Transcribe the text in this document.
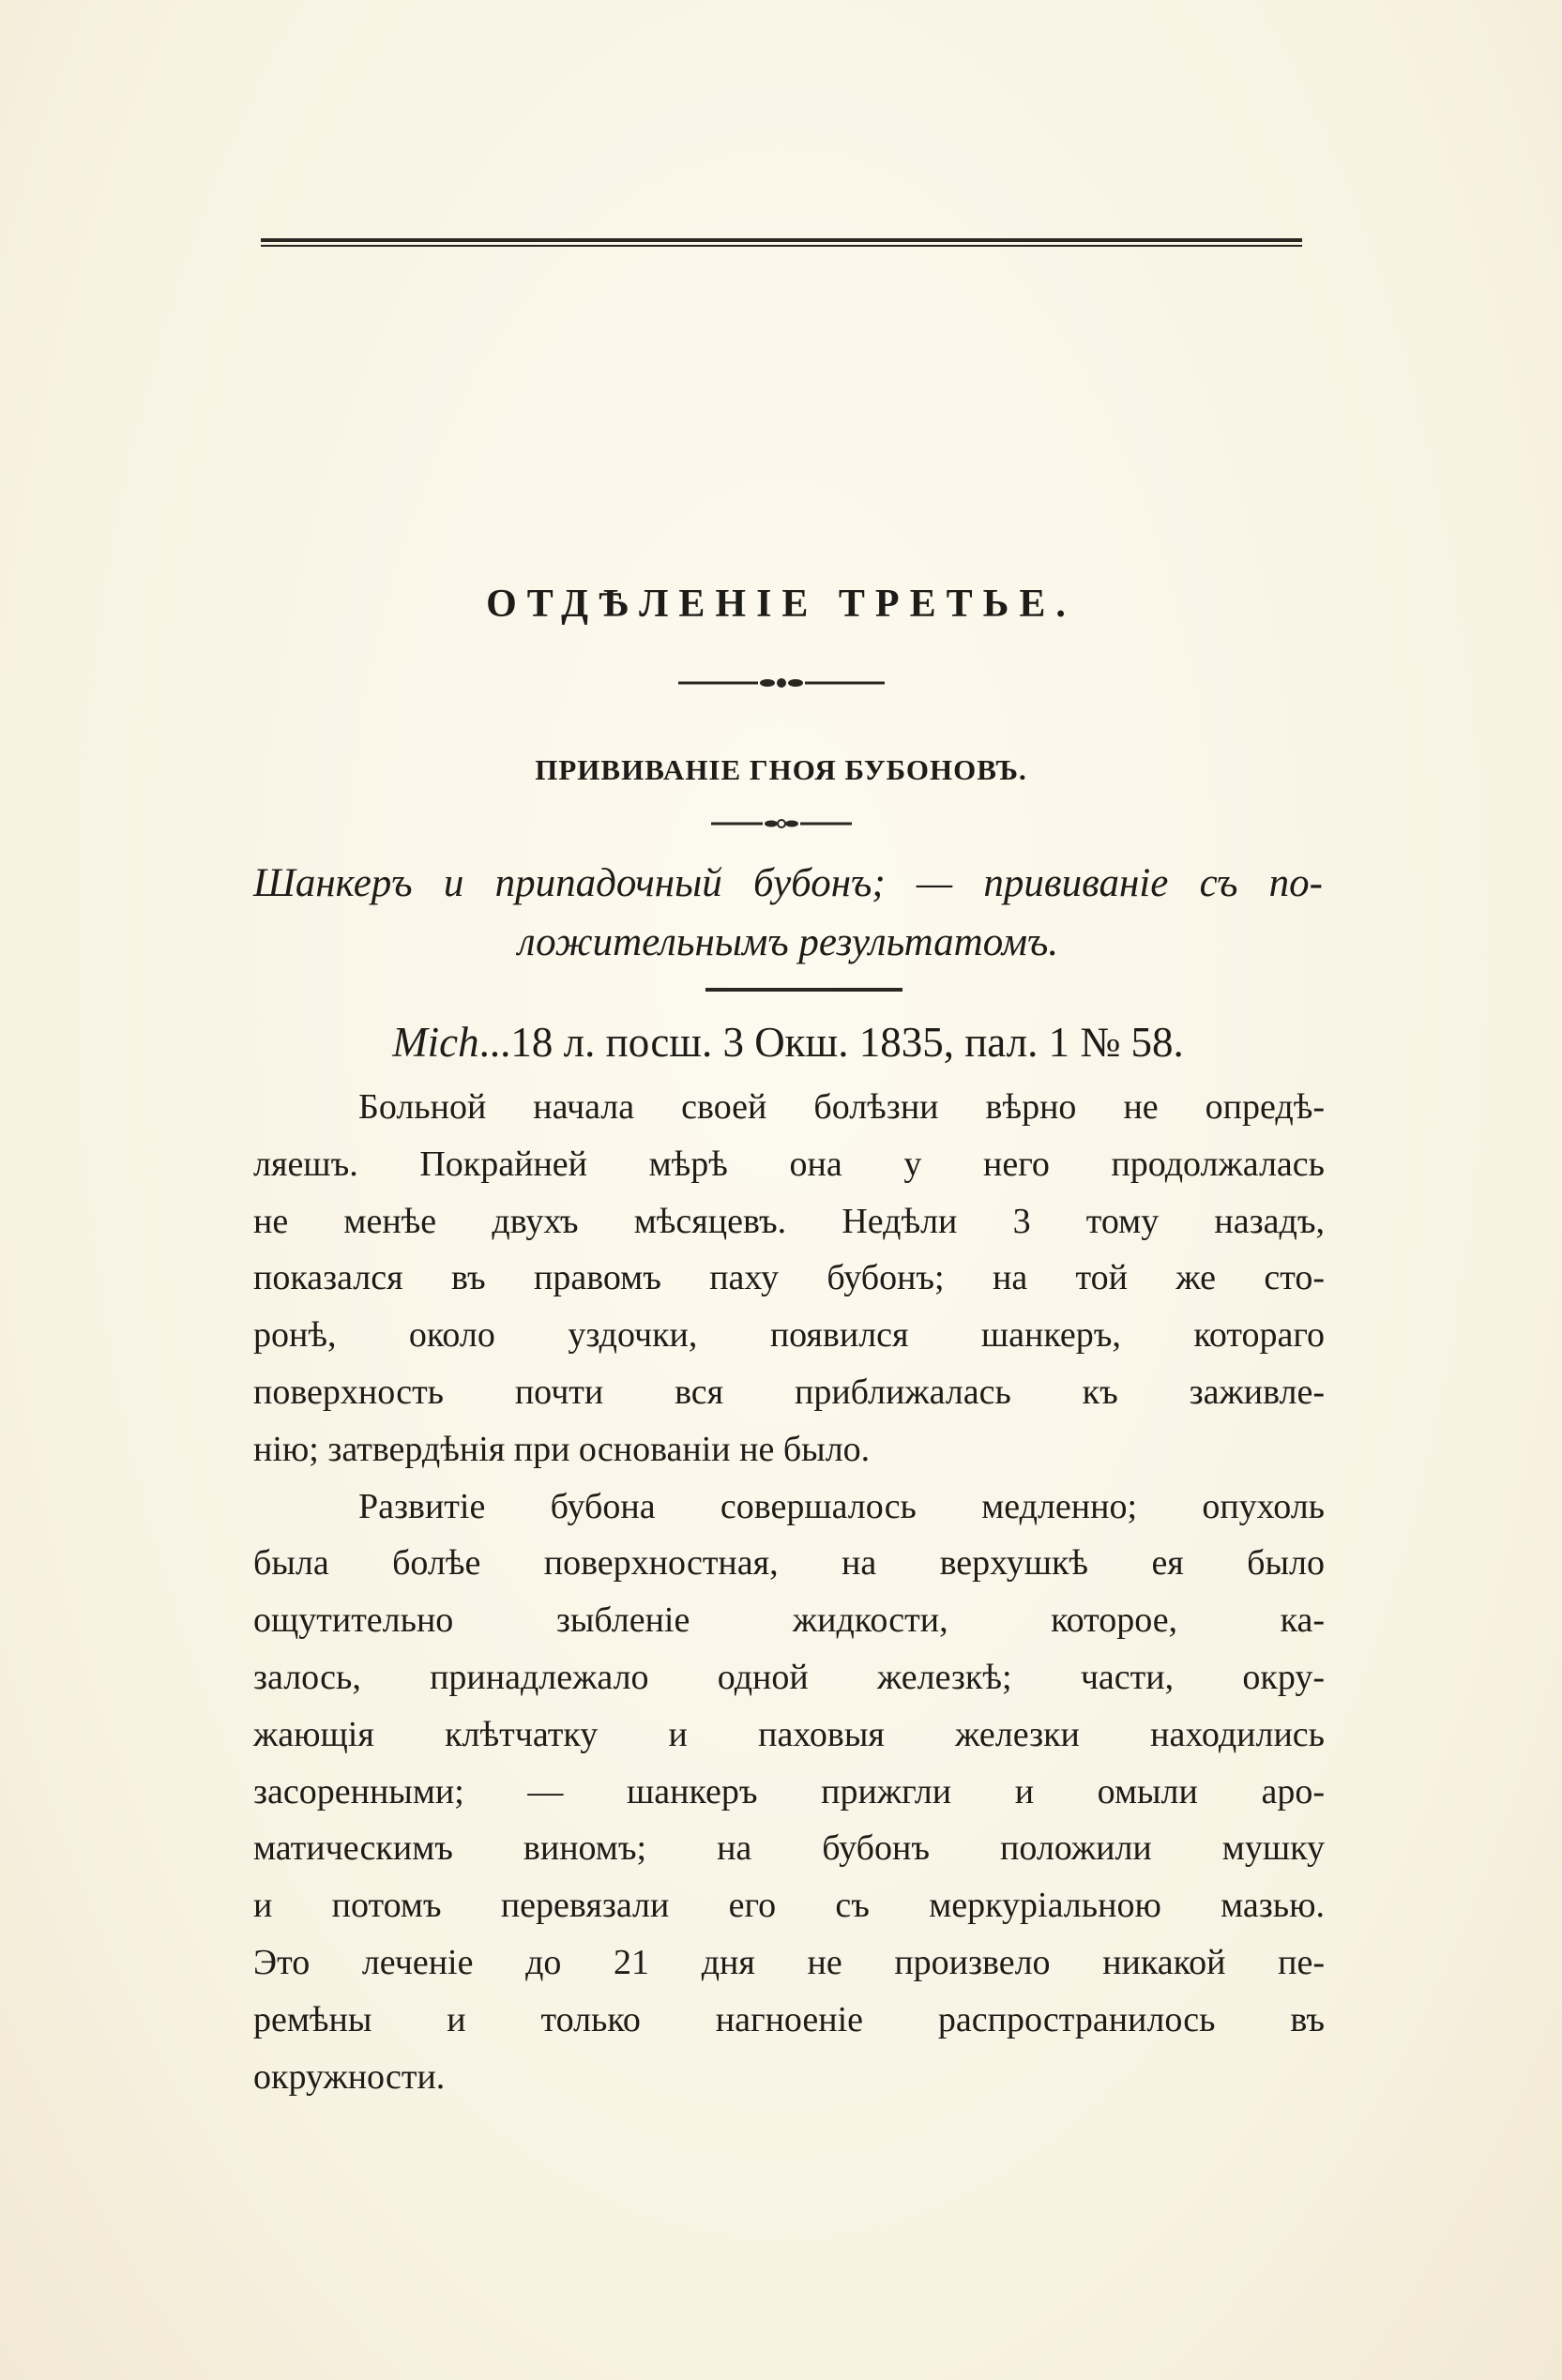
ОТДѢЛЕНІЕ ТРЕТЬЕ.
ПРИВИВАНІЕ ГНОЯ БУБОНОВЪ.
Шанкеръ и припадочный бубонъ; — прививаніе съ по-
ложительнымъ результатомъ.
Mich...18 л. посш. 3 Окш. 1835, пал. 1 № 58.
Больной начала своей болѣзни вѣрно не опредѣ-
ляешъ. Покрайней мѣрѣ она у него продолжалась
не менѣе двухъ мѣсяцевъ. Недѣли 3 тому назадъ,
показался въ правомъ паху бубонъ; на той же сто-
ронѣ, около уздочки, появился шанкеръ, котораго
поверхность почти вся приближалась къ заживле-
нію; затвердѣнія при основаніи не было.
Развитіе бубона совершалось медленно; опухоль
была болѣе поверхностная, на верхушкѣ ея было
ощутительно зыбленіе жидкости, которое, ка-
залось, принадлежало одной железкѣ; части, окру-
жающія клѣтчатку и паховыя железки находились
засоренными; — шанкеръ прижгли и омыли аро-
матическимъ виномъ; на бубонъ положили мушку
и потомъ перевязали его съ меркуріальною мазью.
Это леченіе до 21 дня не произвело никакой пе-
ремѣны и только нагноеніе распространилось въ
окружности.
